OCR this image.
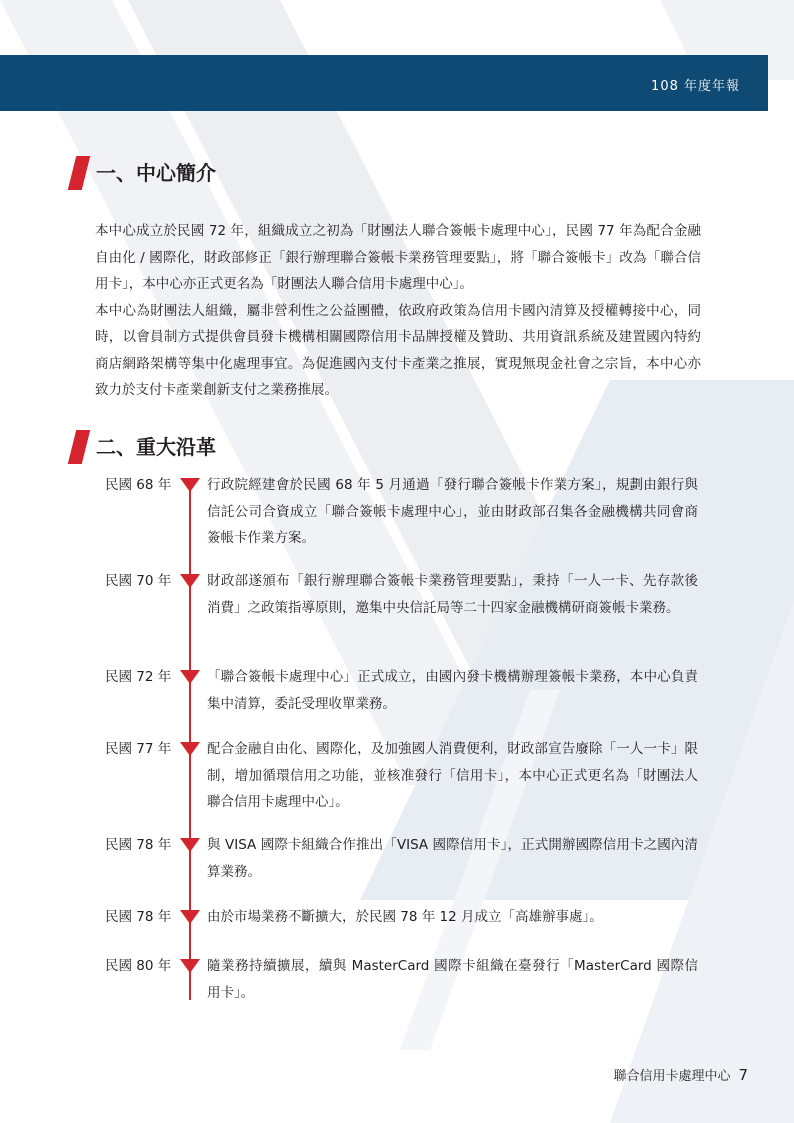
108 年度年報
一、中心簡介

本中心成立於民國 72 年，組織成立之初為「財團法人聯合簽帳卡處理中心」，民國 77 年為配合金融自由化 / 國際化，財政部修正「銀行辦理聯合簽帳卡業務管理要點」，將「聯合簽帳卡」改為「聯合信用卡」，本中心亦正式更名為「財團法人聯合信用卡處理中心」。

本中心為財團法人組織，屬非營利性之公益團體，依政府政策為信用卡國內清算及授權轉接中心，同時，以會員制方式提供會員發卡機構相關國際信用卡品牌授權及贊助、共用資訊系統及建置國內特約商店網路架構等集中化處理事宜。為促進國內支付卡產業之推展，實現無現金社會之宗旨，本中心亦致力於支付卡產業創新支付之業務推展。

二、重大沿革
民國 68 年	行政院經建會於民國 68 年 5 月通過「發行聯合簽帳卡作業方案」，規劃由銀行與信託公司合資成立「聯合簽帳卡處理中心」，並由財政部召集各金融機構共同會商簽帳卡作業方案。
民國 70 年	財政部遂頒布「銀行辦理聯合簽帳卡業務管理要點」，秉持「一人一卡、先存款後消費」之政策指導原則，邀集中央信託局等二十四家金融機構研商簽帳卡業務。
民國 72 年	「聯合簽帳卡處理中心」正式成立，由國內發卡機構辦理簽帳卡業務，本中心負責集中清算，委託受理收單業務。
民國 77 年	配合金融自由化、國際化，及加強國人消費便利，財政部宣告廢除「一人一卡」限制，增加循環信用之功能，並核准發行「信用卡」，本中心正式更名為「財團法人聯合信用卡處理中心」。
民國 78 年	與 VISA 國際卡組織合作推出「VISA 國際信用卡」，正式開辦國際信用卡之國內清算業務。
民國 78 年	由於市場業務不斷擴大，於民國 78 年 12 月成立「高雄辦事處」。
民國 80 年	隨業務持續擴展，續與 MasterCard 國際卡組織在臺發行「MasterCard 國際信用卡」。
聯合信用卡處理中心 7
